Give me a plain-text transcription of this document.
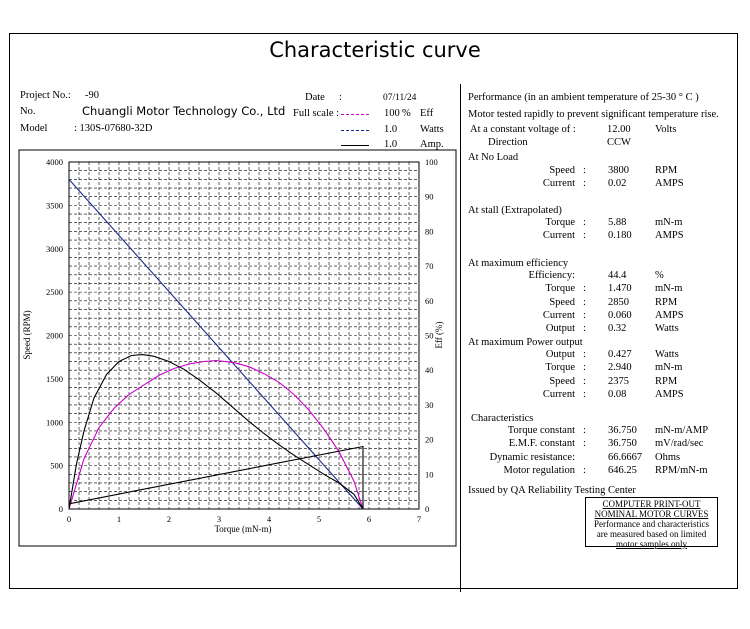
Characteristic curve
Project No.: -90
No.	Chuangli Motor Technology Co., Ltd
Model	: 130S-07680-32D
Date :	07/11/24
Full scale :	100 % Eff
1.0 Watts
1.0 Amp.
0	1	2	3	4	5	6	7
0
500
1000
1500
2000
2500
3000
3500
4000
0
10
20
30
40
50
60
70
80
90
100
Torque (mN-m)
Speed (RPM)	Eff (%)
Performance (in an ambient temperature of 25-30 ° C )
Motor tested rapidly to prevent significant temperature rise.
At a constant voltage of :	12.00 Volts
Direction	CCW
At No Load
Speed : 3800 RPM
Current : 0.02	AMPS
At stall (Extrapolated)
Torque : 5.88	mN-m
Current : 0.180 AMPS
At maximum efficiency
Efficiency:	44.4	%
Torque : 1.470 mN-m
Speed : 2850 RPM
Current : 0.060 AMPS
Output : 0.32	Watts
At maximum Power output
Output : 0.427 Watts
Torque : 2.940 mN-m
Speed : 2375 RPM
Current : 0.08	AMPS
Characteristics
Torque constant : 36.750 mN-m/AMP
E.M.F. constant : 36.750 mV/rad/sec
Dynamic resistance:	66.6667 Ohms
Motor regulation : 646.25 RPM/mN-m
Issued by QA Reliability Testing Center
COMPUTER PRINT-OUT
NOMINAL MOTOR CURVES
Performance and characteristics
are measured based on limited
motor samples only
